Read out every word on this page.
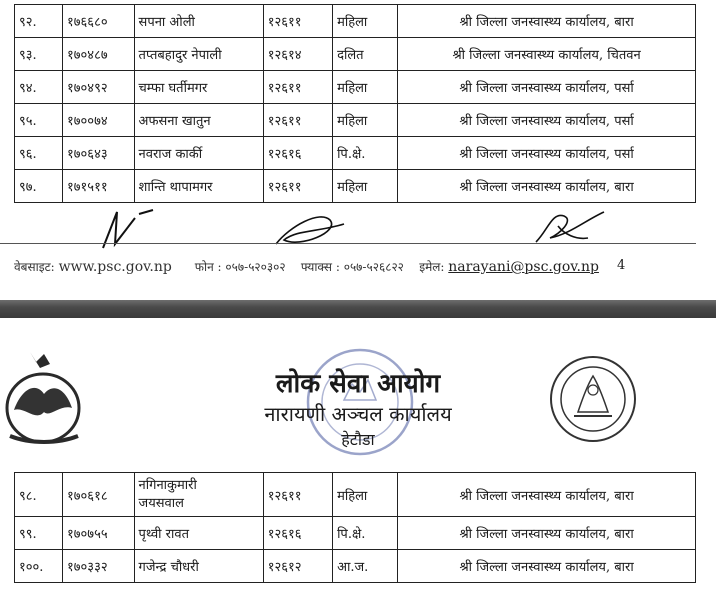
९२.	१७६६८०	सपना ओली	१२६११	महिला	श्री जिल्ला जनस्वास्थ्य कार्यालय, बारा
९३.	१७०४८७	तप्तबहादुर नेपाली	१२६१४	दलित	श्री जिल्ला जनस्वास्थ्य कार्यालय, चितवन
९४.	१७०४९२	चम्फा घर्तीमगर	१२६११	महिला	श्री जिल्ला जनस्वास्थ्य कार्यालय, पर्सा
९५.	१७००७४	अफसना खातुन	१२६११	महिला	श्री जिल्ला जनस्वास्थ्य कार्यालय, पर्सा
९६.	१७०६४३	नवराज कार्की	१२६१६	पि.क्षे.	श्री जिल्ला जनस्वास्थ्य कार्यालय, पर्सा
९७.	१७१५११	शान्ति थापामगर	१२६११	महिला	श्री जिल्ला जनस्वास्थ्य कार्यालय, बारा
वेबसाइट: www.psc.gov.np फोन : ०५७-५२०३०२ फ्याक्स : ०५७-५२६८२२ इमेल: narayani@psc.gov.np 4
लोक सेवा आयोग
नारायणी अञ्चल कार्यालय
हेटौडा
९८.	१७०६१८	नगिनाकुमारी
जयसवाल	१२६११	महिला	श्री जिल्ला जनस्वास्थ्य कार्यालय, बारा
९९.	१७०७५५	पृथ्वी रावत	१२६१६	पि.क्षे.	श्री जिल्ला जनस्वास्थ्य कार्यालय, बारा
१००.	१७०३३२	गजेन्द्र चौधरी	१२६१२	आ.ज.	श्री जिल्ला जनस्वास्थ्य कार्यालय, बारा
